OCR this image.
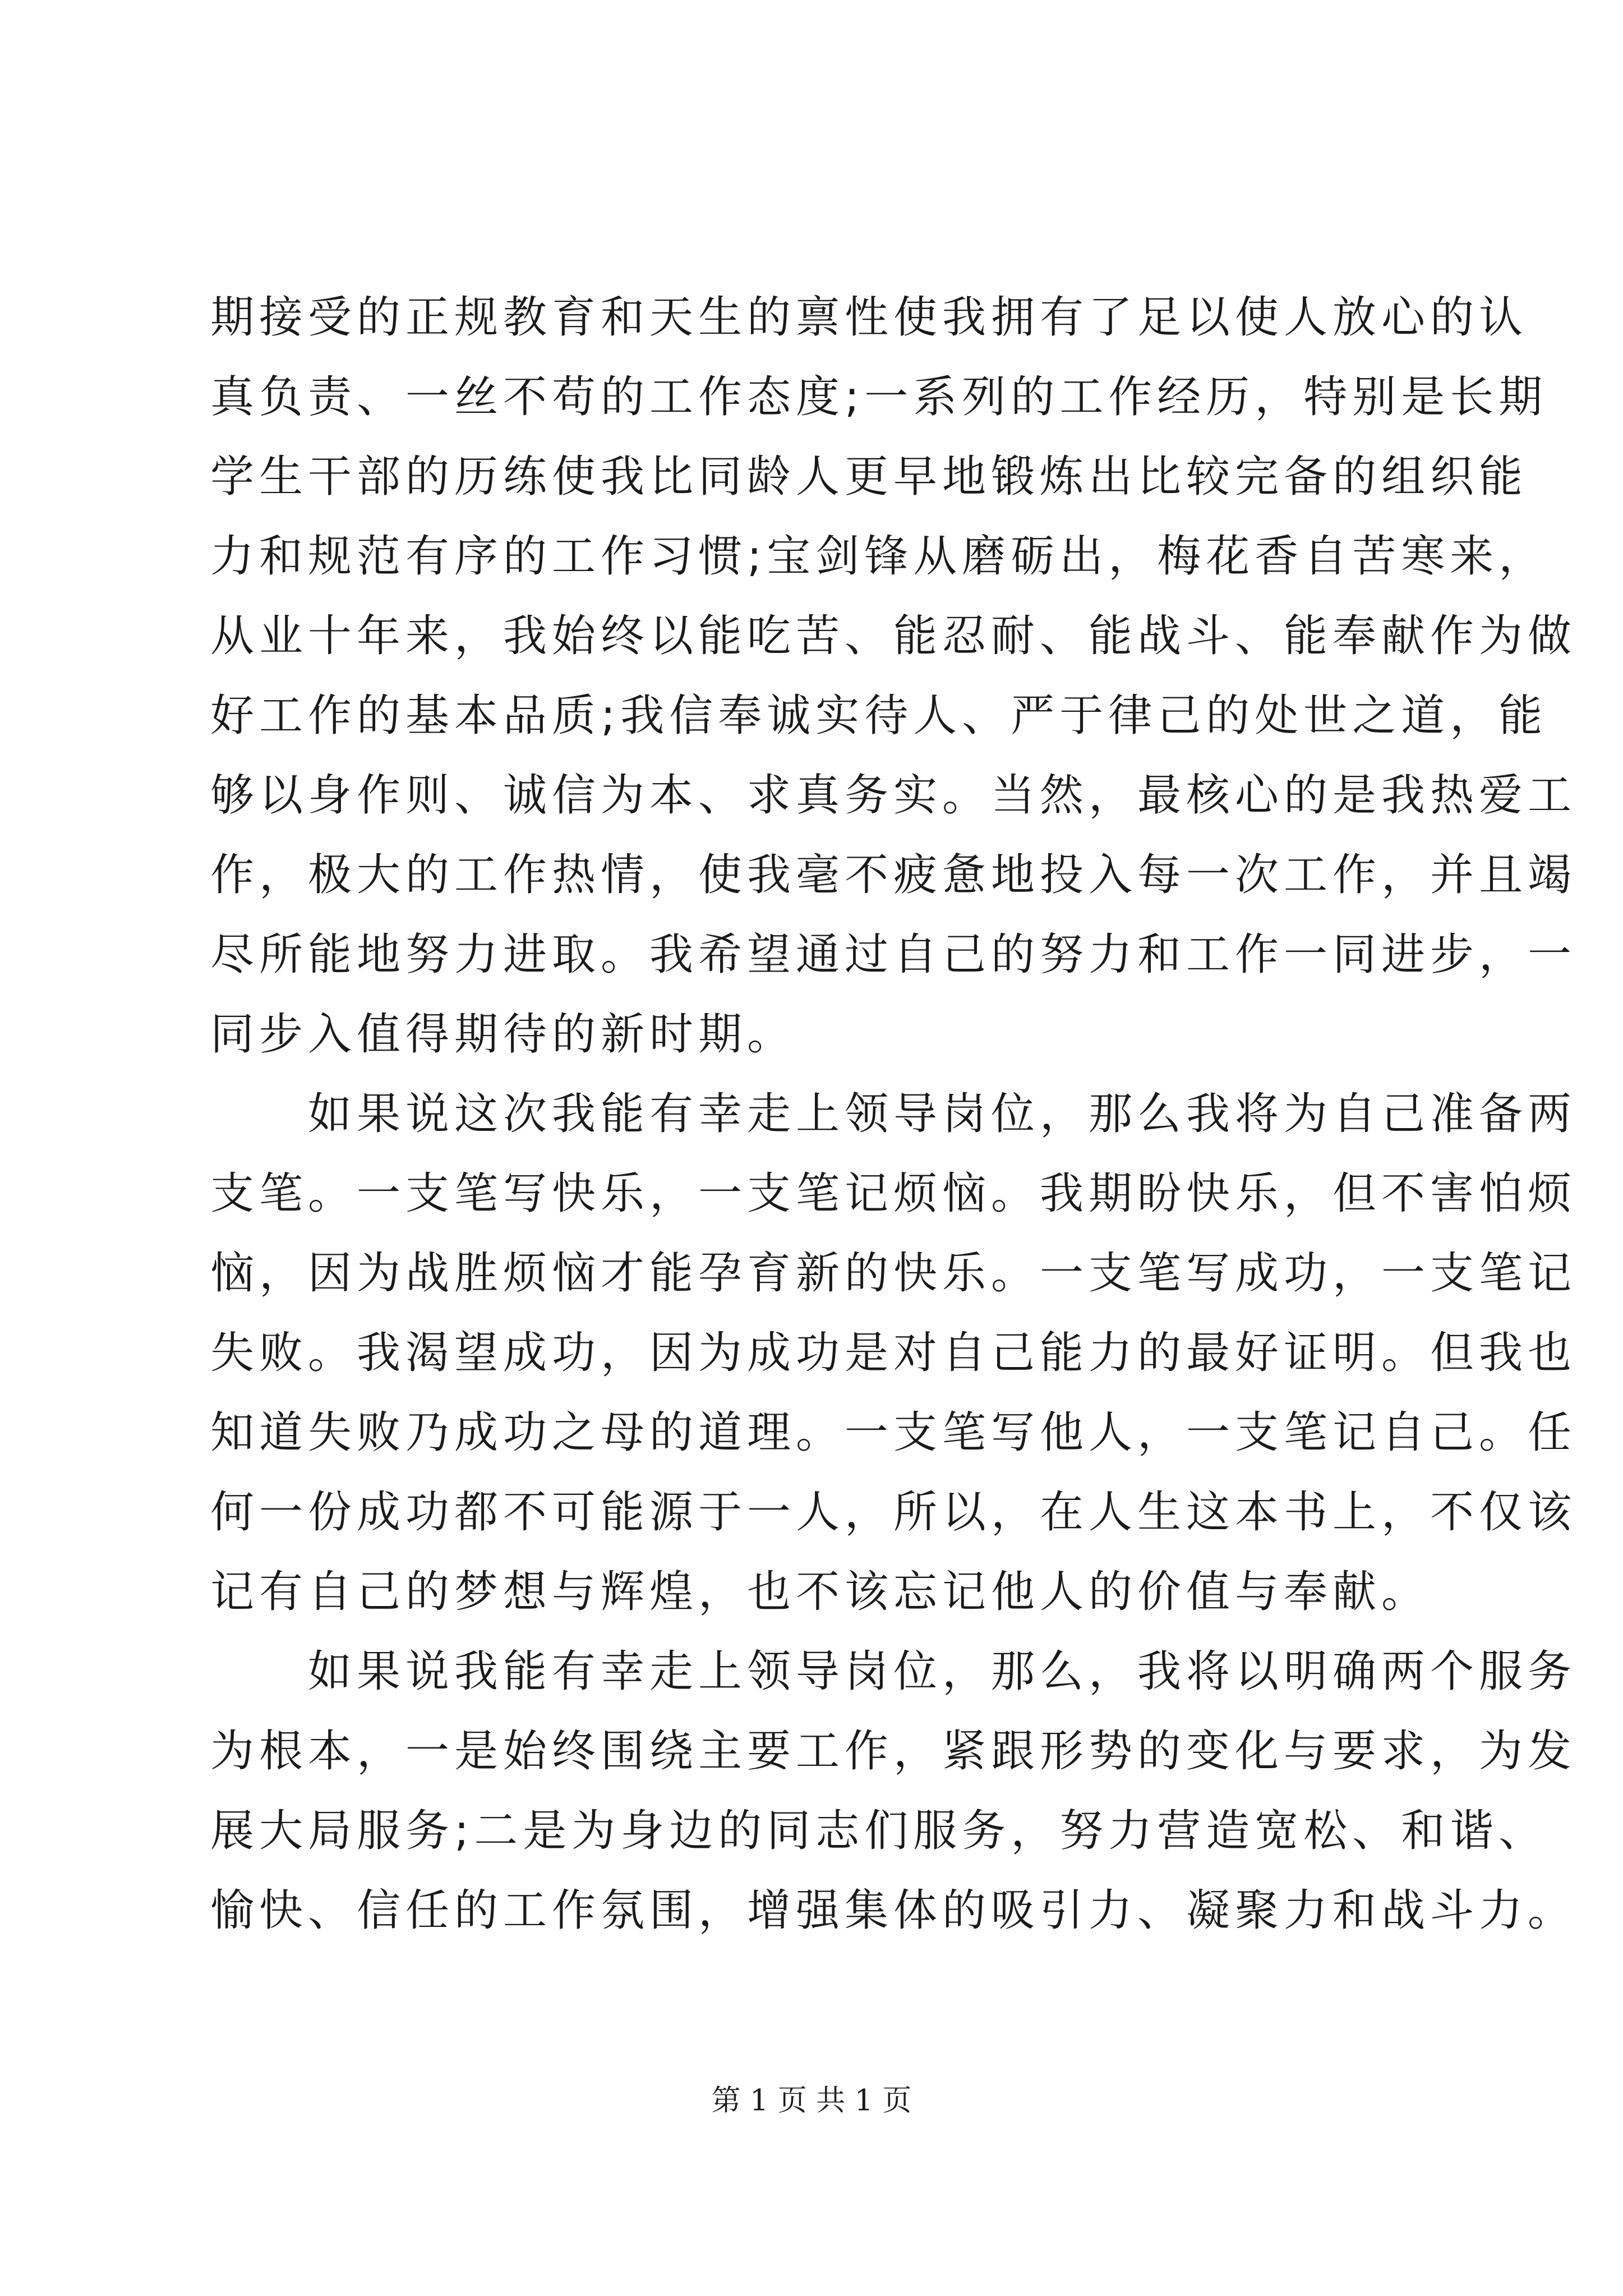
期接受的正规教育和天生的禀性使我拥有了足以使人放心的认
真负责、一丝不苟的工作态度;一系列的工作经历，特别是长期
学生干部的历练使我比同龄人更早地锻炼出比较完备的组织能
力和规范有序的工作习惯;宝剑锋从磨砺出，梅花香自苦寒来，
从业十年来，我始终以能吃苦、能忍耐、能战斗、能奉献作为做
好工作的基本品质;我信奉诚实待人、严于律己的处世之道，能
够以身作则、诚信为本、求真务实。当然，最核心的是我热爱工
作，极大的工作热情，使我毫不疲惫地投入每一次工作，并且竭
尽所能地努力进取。我希望通过自己的努力和工作一同进步，一
同步入值得期待的新时期。
　　如果说这次我能有幸走上领导岗位，那么我将为自己准备两
支笔。一支笔写快乐，一支笔记烦恼。我期盼快乐，但不害怕烦
恼，因为战胜烦恼才能孕育新的快乐。一支笔写成功，一支笔记
失败。我渴望成功，因为成功是对自己能力的最好证明。但我也
知道失败乃成功之母的道理。一支笔写他人，一支笔记自己。任
何一份成功都不可能源于一人，所以，在人生这本书上，不仅该
记有自己的梦想与辉煌，也不该忘记他人的价值与奉献。
　　如果说我能有幸走上领导岗位，那么，我将以明确两个服务
为根本，一是始终围绕主要工作，紧跟形势的变化与要求，为发
展大局服务;二是为身边的同志们服务，努力营造宽松、和谐、
愉快、信任的工作氛围，增强集体的吸引力、凝聚力和战斗力。
第 1 页 共 1 页
